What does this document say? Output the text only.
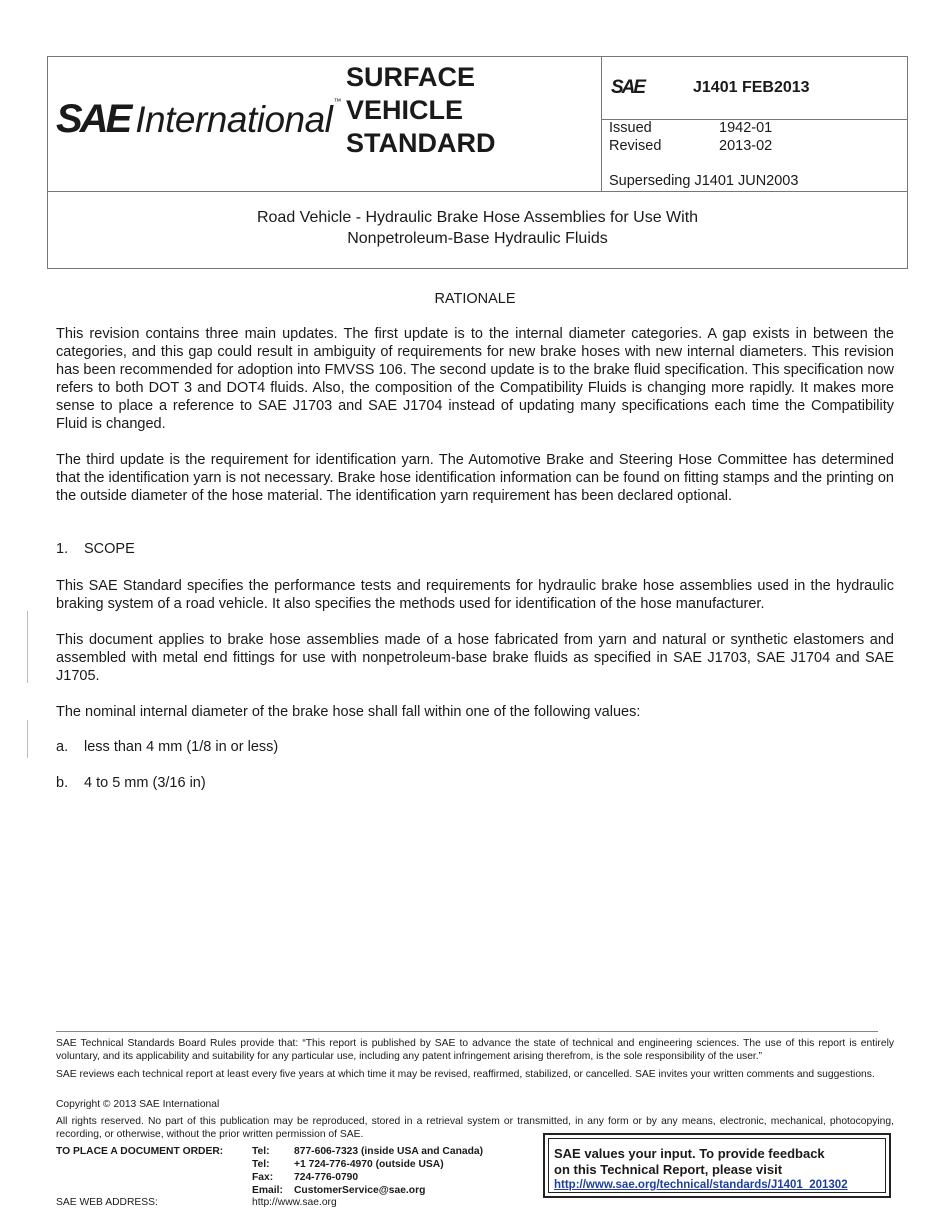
SAE International™
SURFACE
VEHICLE
STANDARD
SAE	J1401 FEB2013
Issued	1942-01
Revised	2013-02
Superseding J1401 JUN2003
Road Vehicle - Hydraulic Brake Hose Assemblies for Use With
Nonpetroleum-Base Hydraulic Fluids
RATIONALE
This revision contains three main updates. The first update is to the internal diameter categories. A gap exists in between the categories, and this gap could result in ambiguity of requirements for new brake hoses with new internal diameters. This revision has been recommended for adoption into FMVSS 106. The second update is to the brake fluid specification. This specification now refers to both DOT 3 and DOT4 fluids. Also, the composition of the Compatibility Fluids is changing more rapidly. It makes more sense to place a reference to SAE J1703 and SAE J1704 instead of updating many specifications each time the Compatibility Fluid is changed.
The third update is the requirement for identification yarn. The Automotive Brake and Steering Hose Committee has determined that the identification yarn is not necessary. Brake hose identification information can be found on fitting stamps and the printing on the outside diameter of the hose material. The identification yarn requirement has been declared optional.
1. SCOPE
This SAE Standard specifies the performance tests and requirements for hydraulic brake hose assemblies used in the hydraulic braking system of a road vehicle. It also specifies the methods used for identification of the hose manufacturer.
This document applies to brake hose assemblies made of a hose fabricated from yarn and natural or synthetic elastomers and assembled with metal end fittings for use with nonpetroleum-base brake fluids as specified in SAE J1703, SAE J1704 and SAE J1705.
The nominal internal diameter of the brake hose shall fall within one of the following values:
a. less than 4 mm (1/8 in or less)
b. 4 to 5 mm (3/16 in)
SAE Technical Standards Board Rules provide that: “This report is published by SAE to advance the state of technical and engineering sciences. The use of this report is entirely voluntary, and its applicability and suitability for any particular use, including any patent infringement arising therefrom, is the sole responsibility of the user.”
SAE reviews each technical report at least every five years at which time it may be revised, reaffirmed, stabilized, or cancelled. SAE invites your written comments and suggestions.
Copyright © 2013 SAE International
All rights reserved. No part of this publication may be reproduced, stored in a retrieval system or transmitted, in any form or by any means, electronic, mechanical, photocopying, recording, or otherwise, without the prior written permission of SAE.
TO PLACE A DOCUMENT ORDER:	Tel: 877-606-7323 (inside USA and Canada)
Tel: +1 724-776-4970 (outside USA)
Fax: 724-776-0790
Email: CustomerService@sae.org
SAE WEB ADDRESS:	http://www.sae.org
SAE values your input. To provide feedback
on this Technical Report, please visit
http://www.sae.org/technical/standards/J1401_201302
